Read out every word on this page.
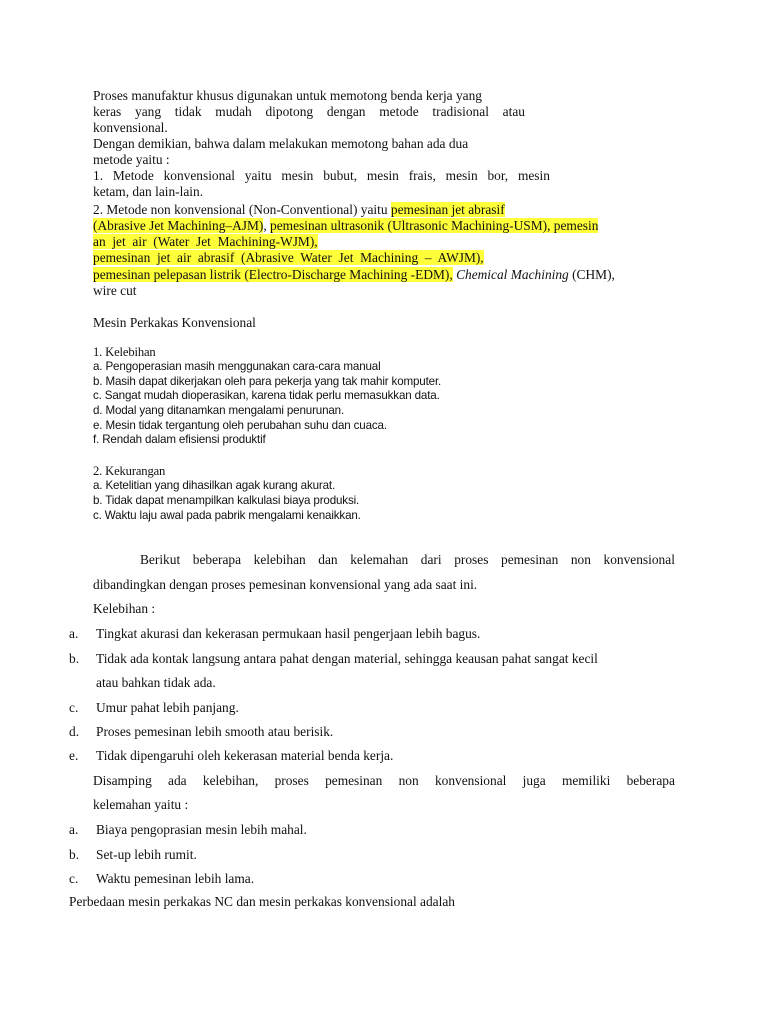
Proses manufaktur khusus digunakan untuk memotong benda kerja yang
keras yang tidak mudah dipotong dengan metode tradisional atau
konvensional.
Dengan demikian, bahwa dalam melakukan memotong bahan ada dua
metode yaitu :
1. Metode konvensional yaitu mesin bubut, mesin frais, mesin bor, mesin
ketam, dan lain-lain.
2. Metode non konvensional (Non-Conventional) yaitu pemesinan jet abrasif
(Abrasive Jet Machining–AJM), pemesinan ultrasonik (Ultrasonic Machining-USM), pemesin
an  jet  air  (Water  Jet  Machining-WJM),
pemesinan  jet  air  abrasif  (Abrasive  Water  Jet  Machining  –  AWJM),
pemesinan pelepasan listrik (Electro-Discharge Machining -EDM), Chemical Machining (CHM),
wire cut
Mesin Perkakas Konvensional
1. Kelebihan
a. Pengoperasian masih menggunakan cara-cara manual
b. Masih dapat dikerjakan oleh para pekerja yang tak mahir komputer.
c. Sangat mudah dioperasikan, karena tidak perlu memasukkan data.
d. Modal yang ditanamkan mengalami penurunan.
e. Mesin tidak tergantung oleh perubahan suhu dan cuaca.
f. Rendah dalam efisiensi produktif
2. Kekurangan
a. Ketelitian yang dihasilkan agak kurang akurat.
b. Tidak dapat menampilkan kalkulasi biaya produksi.
c. Waktu laju awal pada pabrik mengalami kenaikkan.
Berikut beberapa kelebihan dan kelemahan dari proses pemesinan non konvensional
dibandingkan dengan proses pemesinan konvensional yang ada saat ini.
Kelebihan :
a. Tingkat akurasi dan kekerasan permukaan hasil pengerjaan lebih bagus.
b. Tidak ada kontak langsung antara pahat dengan material, sehingga keausan pahat sangat kecil
atau bahkan tidak ada.
c. Umur pahat lebih panjang.
d. Proses pemesinan lebih smooth atau berisik.
e. Tidak dipengaruhi oleh kekerasan material benda kerja.
Disamping ada kelebihan, proses pemesinan non konvensional juga memiliki beberapa
kelemahan yaitu :
a. Biaya pengoprasian mesin lebih mahal.
b. Set-up lebih rumit.
c. Waktu pemesinan lebih lama.
Perbedaan mesin perkakas NC dan mesin perkakas konvensional adalah
